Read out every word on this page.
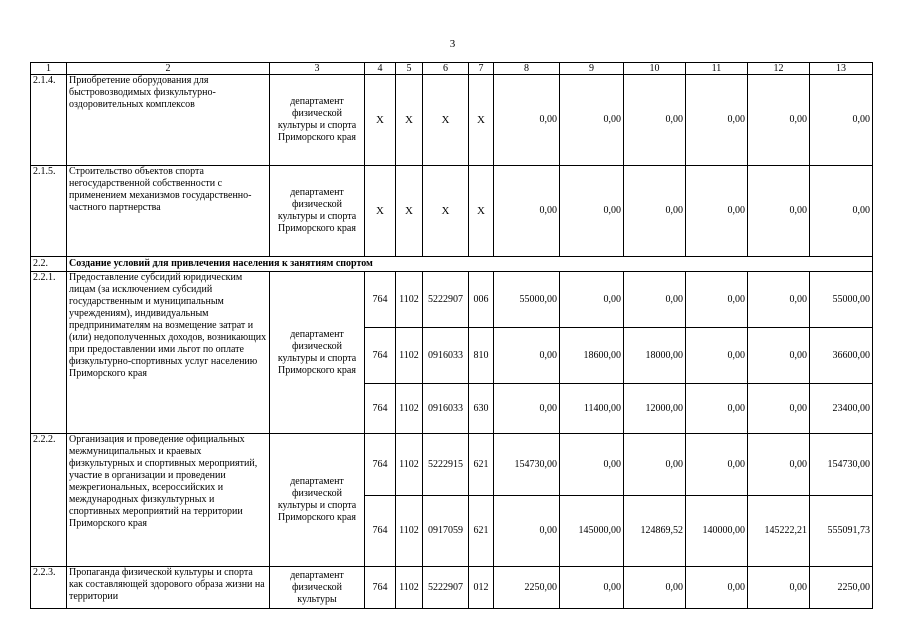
3
1	2	3	4	5	6	7	8	9	10	11	12	13
2.1.4.	Приобретение оборудования для быстровозводимых физкультурно-оздоровительных комплексов	департамент физической культуры и спорта Приморского края	X	X	X	X	0,00	0,00	0,00	0,00	0,00	0,00
2.1.5.	Строительство объектов спорта негосударственной собственности с применением механизмов государственно-частного партнерства	департамент физической культуры и спорта Приморского края	X	X	X	X	0,00	0,00	0,00	0,00	0,00	0,00
2.2.	Создание условий для привлечения населения к занятиям спортом											
2.2.1.	Предоставление субсидий юридическим лицам (за исключением субсидий государственным и муниципальным учреждениям), индивидуальным предпринимателям на возмещение затрат и (или) недополученных доходов, возникающих при предоставлении ими льгот по оплате физкультурно-спортивных услуг населению Приморского края	департамент физической культуры и спорта Приморского края	764	1102	5222907	006	55000,00	0,00	0,00	0,00	0,00	55000,00
			764	1102	0916033	810	0,00	18600,00	18000,00	0,00	0,00	36600,00
			764	1102	0916033	630	0,00	11400,00	12000,00	0,00	0,00	23400,00
2.2.2.	Организация и проведение официальных межмуниципальных и краевых физкультурных и спортивных мероприятий, участие в организации и проведении межрегиональных, всероссийских и международных физкультурных и спортивных мероприятий на территории Приморского края	департамент физической культуры и спорта Приморского края	764	1102	5222915	621	154730,00	0,00	0,00	0,00	0,00	154730,00
			764	1102	0917059	621	0,00	145000,00	124869,52	140000,00	145222,21	555091,73
2.2.3.	Пропаганда физической культуры и спорта как составляющей здорового образа жизни на территории	департамент физической культуры	764	1102	5222907	012	2250,00	0,00	0,00	0,00	0,00	2250,00
